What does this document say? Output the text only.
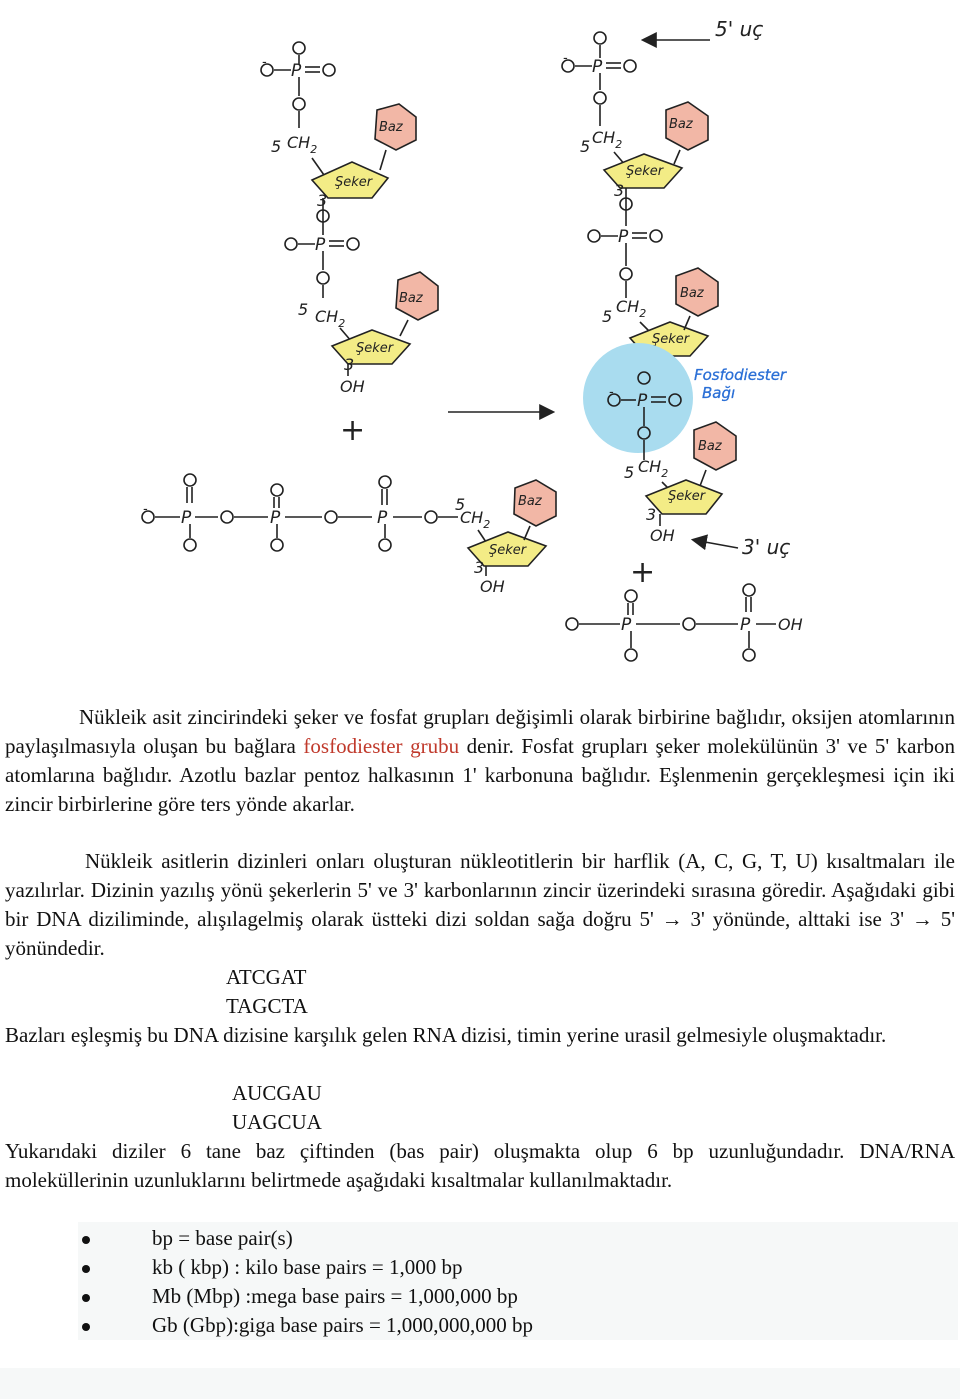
- P
5 $CH_2$
Şeker
Baz
3
P
5 $CH_2$
Şeker
Baz
3
OH
+
- P	P	P
5
$CH_2$
Şeker
Baz
3
OH
- P
5 $CH_2$
Şeker
Baz
3
P
5
$CH_2$
Şeker
Baz
- P
5 $CH_2$
Şeker
Baz
3
OH
+
P	P OH
5' uç
3' uç
Fosfodiester
Bağı
Nükleik asit zincirindeki şeker ve fosfat grupları değişimli olarak birbirine bağlıdır, oksijen atomlarının paylaşılmasıyla oluşan bu bağlara fosfodiester grubu denir. Fosfat grupları şeker molekülünün 3' ve 5' karbon atomlarına bağlıdır. Azotlu bazlar pentoz halkasının 1' karbonuna bağlıdır. Eşlenmenin gerçekleşmesi için iki zincir birbirlerine göre ters yönde akarlar.
Nükleik asitlerin dizinleri onları oluşturan nükleotitlerin bir harflik (A, C, G, T, U) kısaltmaları ile yazılırlar. Dizinin yazılış yönü şekerlerin 5' ve 3' karbonlarının zincir üzerindeki sırasına göredir. Aşağıdaki gibi bir DNA diziliminde, alışılagelmiş olarak üstteki dizi soldan sağa doğru 5' → 3' yönünde, alttaki ise 3' → 5' yönündedir.
ATCGAT
TAGCTA
Bazları eşleşmiş bu DNA dizisine karşılık gelen RNA dizisi, timin yerine urasil gelmesiyle oluşmaktadır.
AUCGAU
UAGCUA
Yukarıdaki diziler 6 tane baz çiftinden (bas pair) oluşmakta olup 6 bp uzunluğundadır. DNA/RNA moleküllerinin uzunluklarını belirtmede aşağıdaki kısaltmalar kullanılmaktadır.
bp = base pair(s)
kb ( kbp) : kilo base pairs = 1,000 bp
Mb (Mbp) :mega base pairs = 1,000,000 bp
Gb (Gbp):giga base pairs = 1,000,000,000 bp
